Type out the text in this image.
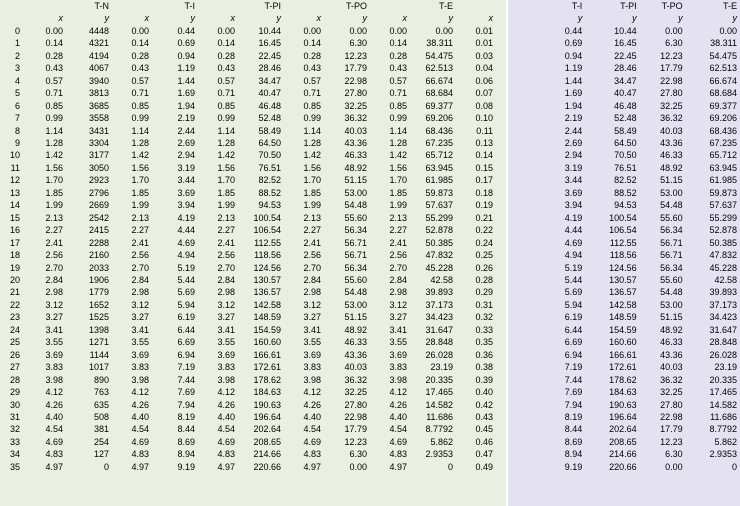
	T-N		T-I		T-PI		T-PO		T-E	
	x	y	x	y	x	y	x	y	x	y	x	
0	0.00	4448	0.00	0.44	0.00	10.44	0.00	0.00	0.00	0.00	0.01	
1	0.14	4321	0.14	0.69	0.14	16.45	0.14	6.30	0.14	38.311	0.01	
2	0.28	4194	0.28	0.94	0.28	22.45	0.28	12.23	0.28	54.475	0.03	
3	0.43	4067	0.43	1.19	0.43	28.46	0.43	17.79	0.43	62.513	0.04	
4	0.57	3940	0.57	1.44	0.57	34.47	0.57	22.98	0.57	66.674	0.06	
5	0.71	3813	0.71	1.69	0.71	40.47	0.71	27.80	0.71	68.684	0.07	
6	0.85	3685	0.85	1.94	0.85	46.48	0.85	32.25	0.85	69.377	0.08	
7	0.99	3558	0.99	2.19	0.99	52.48	0.99	36.32	0.99	69.206	0.10	
8	1.14	3431	1.14	2.44	1.14	58.49	1.14	40.03	1.14	68.436	0.11	
9	1.28	3304	1.28	2.69	1.28	64.50	1.28	43.36	1.28	67.235	0.13	
10	1.42	3177	1.42	2.94	1.42	70.50	1.42	46.33	1.42	65.712	0.14	
11	1.56	3050	1.56	3.19	1.56	76.51	1.56	48.92	1.56	63.945	0.15	
12	1.70	2923	1.70	3.44	1.70	82.52	1.70	51.15	1.70	61.985	0.17	
13	1.85	2796	1.85	3.69	1.85	88.52	1.85	53.00	1.85	59.873	0.18	
14	1.99	2669	1.99	3.94	1.99	94.53	1.99	54.48	1.99	57.637	0.19	
15	2.13	2542	2.13	4.19	2.13	100.54	2.13	55.60	2.13	55.299	0.21	
16	2.27	2415	2.27	4.44	2.27	106.54	2.27	56.34	2.27	52.878	0.22	
17	2.41	2288	2.41	4.69	2.41	112.55	2.41	56.71	2.41	50.385	0.24	
18	2.56	2160	2.56	4.94	2.56	118.56	2.56	56.71	2.56	47.832	0.25	
19	2.70	2033	2.70	5.19	2.70	124.56	2.70	56.34	2.70	45.228	0.26	
20	2.84	1906	2.84	5.44	2.84	130.57	2.84	55.60	2.84	42.58	0.28	
21	2.98	1779	2.98	5.69	2.98	136.57	2.98	54.48	2.98	39.893	0.29	
22	3.12	1652	3.12	5.94	3.12	142.58	3.12	53.00	3.12	37.173	0.31	
23	3.27	1525	3.27	6.19	3.27	148.59	3.27	51.15	3.27	34.423	0.32	
24	3.41	1398	3.41	6.44	3.41	154.59	3.41	48.92	3.41	31.647	0.33	
25	3.55	1271	3.55	6.69	3.55	160.60	3.55	46.33	3.55	28.848	0.35	
26	3.69	1144	3.69	6.94	3.69	166.61	3.69	43.36	3.69	26.028	0.36	
27	3.83	1017	3.83	7.19	3.83	172.61	3.83	40.03	3.83	23.19	0.38	
28	3.98	890	3.98	7.44	3.98	178.62	3.98	36.32	3.98	20.335	0.39	
29	4.12	763	4.12	7.69	4.12	184.63	4.12	32.25	4.12	17.465	0.40	
30	4.26	635	4.26	7.94	4.26	190.63	4.26	27.80	4.26	14.582	0.42	
31	4.40	508	4.40	8.19	4.40	196.64	4.40	22.98	4.40	11.686	0.43	
32	4.54	381	4.54	8.44	4.54	202.64	4.54	17.79	4.54	8.7792	0.45	
33	4.69	254	4.69	8.69	4.69	208.65	4.69	12.23	4.69	5.862	0.46	
34	4.83	127	4.83	8.94	4.83	214.66	4.83	6.30	4.83	2.9353	0.47	
35	4.97	0	4.97	9.19	4.97	220.66	4.97	0.00	4.97	0	0.49	
	T-I	T-PI	T-PO	T-E
	y	y	y	y
	0.44	10.44	0.00	0.00
	0.69	16.45	6.30	38.311
	0.94	22.45	12.23	54.475
	1.19	28.46	17.79	62.513
	1.44	34.47	22.98	66.674
	1.69	40.47	27.80	68.684
	1.94	46.48	32.25	69.377
	2.19	52.48	36.32	69.206
	2.44	58.49	40.03	68.436
	2.69	64.50	43.36	67.235
	2.94	70.50	46.33	65.712
	3.19	76.51	48.92	63.945
	3.44	82.52	51.15	61.985
	3.69	88.52	53.00	59.873
	3.94	94.53	54.48	57.637
	4.19	100.54	55.60	55.299
	4.44	106.54	56.34	52.878
	4.69	112.55	56.71	50.385
	4.94	118.56	56.71	47.832
	5.19	124.56	56.34	45.228
	5.44	130.57	55.60	42.58
	5.69	136.57	54.48	39.893
	5.94	142.58	53.00	37.173
	6.19	148.59	51.15	34.423
	6.44	154.59	48.92	31.647
	6.69	160.60	46.33	28.848
	6.94	166.61	43.36	26.028
	7.19	172.61	40.03	23.19
	7.44	178.62	36.32	20.335
	7.69	184.63	32.25	17.465
	7.94	190.63	27.80	14.582
	8.19	196.64	22.98	11.686
	8.44	202.64	17.79	8.7792
	8.69	208.65	12.23	5.862
	8.94	214.66	6.30	2.9353
	9.19	220.66	0.00	0
